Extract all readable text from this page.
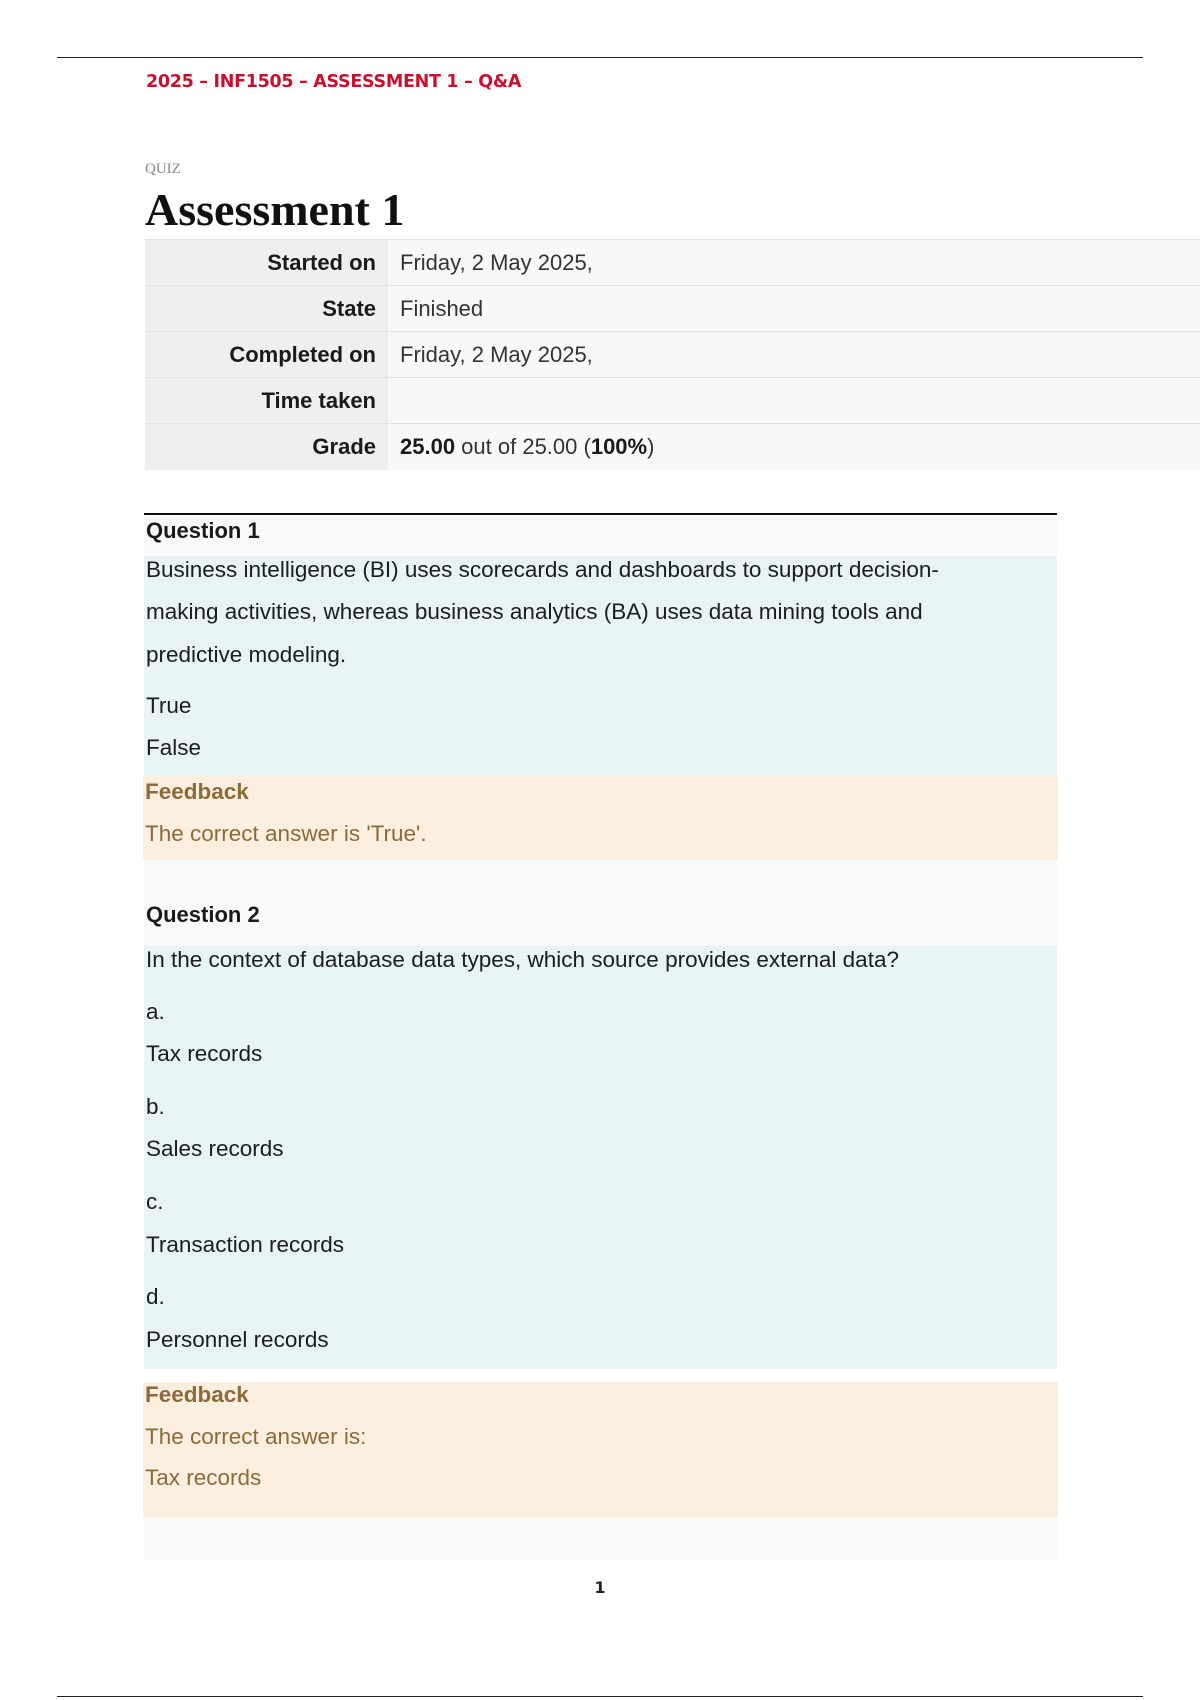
2025 – INF1505 – ASSESSMENT 1 – Q&A
QUIZ
Assessment 1
Started on	Friday, 2 May 2025,
State	Finished
Completed on	Friday, 2 May 2025,
Time taken	
Grade	25.00 out of 25.00 (100%)
Question 1
Business intelligence (BI) uses scorecards and dashboards to support decision-
making activities, whereas business analytics (BA) uses data mining tools and
predictive modeling.
True
False
Feedback
The correct answer is 'True'.
Question 2
In the context of database data types, which source provides external data?
a.
Tax records
b.
Sales records
c.
Transaction records
d.
Personnel records
Feedback
The correct answer is:
Tax records
1
